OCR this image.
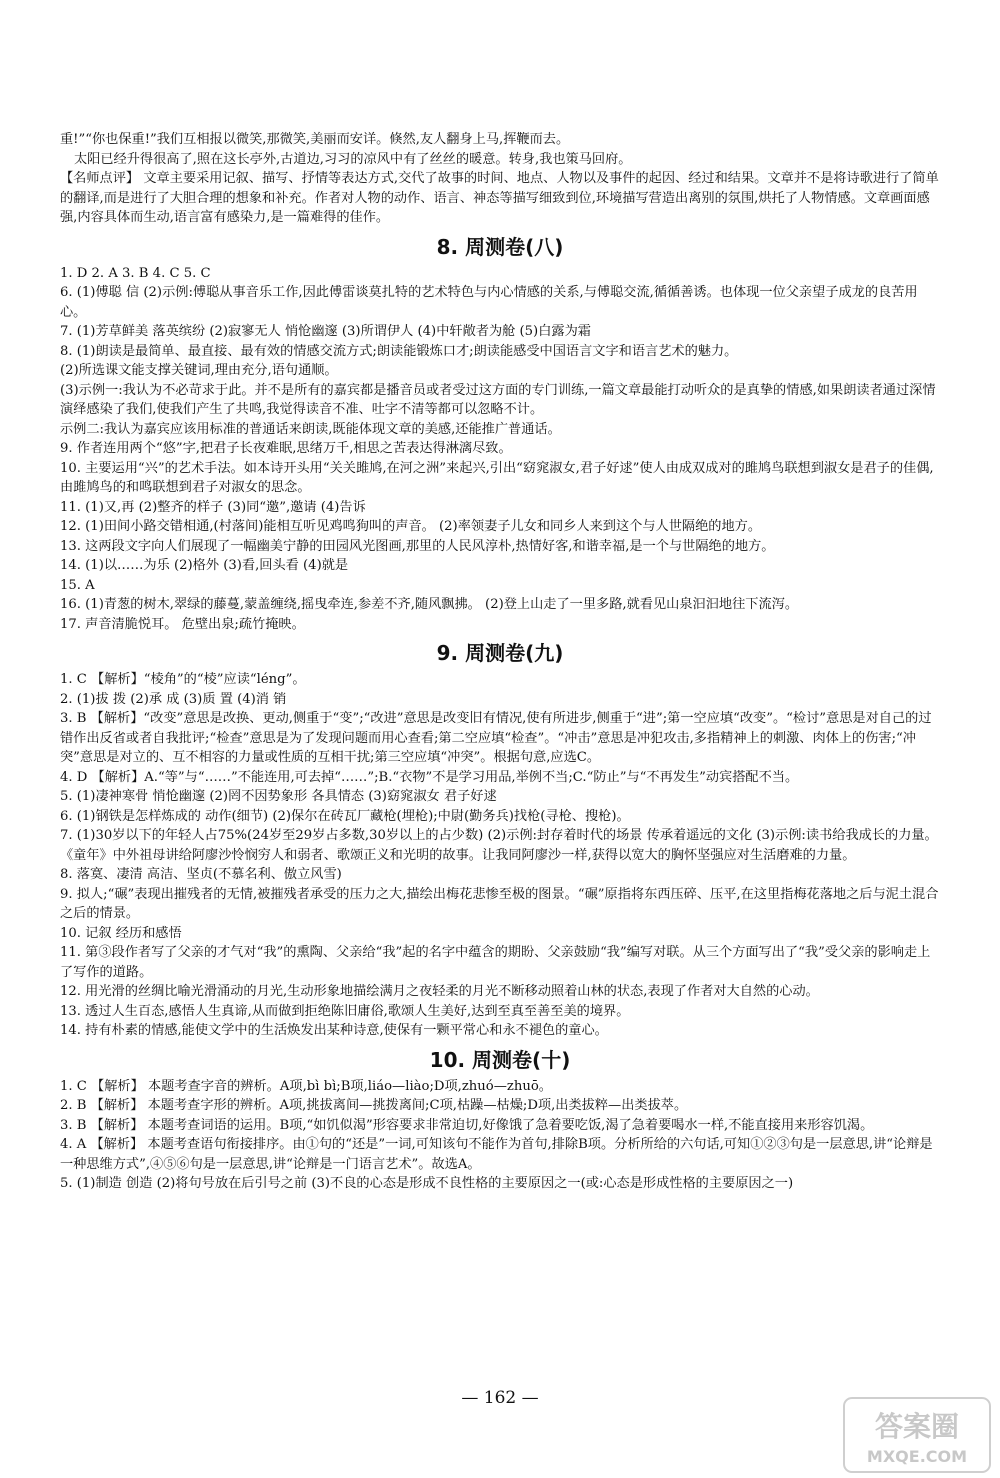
重!”“你也保重!”我们互相报以微笑,那微笑,美丽而安详。倏然,友人翻身上马,挥鞭而去。

太阳已经升得很高了,照在这长亭外,古道边,习习的凉风中有了丝丝的暖意。转身,我也策马回府。

【名师点评】 文章主要采用记叙、描写、抒情等表达方式,交代了故事的时间、地点、人物以及事件的起因、经过和结果。文章并不是将诗歌进行了简单的翻译,而是进行了大胆合理的想象和补充。作者对人物的动作、语言、神态等描写细致到位,环境描写营造出离别的氛围,烘托了人物情感。文章画面感强,内容具体而生动,语言富有感染力,是一篇难得的佳作。

8. 周测卷(八)

1. D 2. A 3. B 4. C 5. C

6. (1)傅聪 信 (2)示例:傅聪从事音乐工作,因此傅雷谈莫扎特的艺术特色与内心情感的关系,与傅聪交流,循循善诱。也体现一位父亲望子成龙的良苦用心。

7. (1)芳草鲜美 落英缤纷 (2)寂寥无人 悄怆幽邃 (3)所谓伊人 (4)中轩敞者为舱 (5)白露为霜

8. (1)朗读是最简单、最直接、最有效的情感交流方式;朗读能锻炼口才;朗读能感受中国语言文字和语言艺术的魅力。

(2)所选课文能支撑关键词,理由充分,语句通顺。

(3)示例一:我认为不必苛求于此。并不是所有的嘉宾都是播音员或者受过这方面的专门训练,一篇文章最能打动听众的是真挚的情感,如果朗读者通过深情演绎感染了我们,使我们产生了共鸣,我觉得读音不准、吐字不清等都可以忽略不计。

示例二:我认为嘉宾应该用标准的普通话来朗读,既能体现文章的美感,还能推广普通话。

9. 作者连用两个“悠”字,把君子长夜难眠,思绪万千,相思之苦表达得淋漓尽致。

10. 主要运用“兴”的艺术手法。如本诗开头用“关关雎鸠,在河之洲”来起兴,引出“窈窕淑女,君子好逑”使人由成双成对的雎鸠鸟联想到淑女是君子的佳偶,由雎鸠鸟的和鸣联想到君子对淑女的思念。

11. (1)又,再 (2)整齐的样子 (3)同“邀”,邀请 (4)告诉

12. (1)田间小路交错相通,(村落间)能相互听见鸡鸣狗叫的声音。 (2)率领妻子儿女和同乡人来到这个与人世隔绝的地方。

13. 这两段文字向人们展现了一幅幽美宁静的田园风光图画,那里的人民风淳朴,热情好客,和谐幸福,是一个与世隔绝的地方。

14. (1)以……为乐 (2)格外 (3)看,回头看 (4)就是

15. A

16. (1)青葱的树木,翠绿的藤蔓,蒙盖缠绕,摇曳牵连,参差不齐,随风飘拂。 (2)登上山走了一里多路,就看见山泉汩汩地往下流泻。

17. 声音清脆悦耳。 危壁出泉;疏竹掩映。

9. 周测卷(九)

1. C 【解析】“棱角”的“棱”应读“léng”。

2. (1)拔 拨 (2)承 成 (3)质 置 (4)消 销

3. B 【解析】“改变”意思是改换、更动,侧重于“变”;“改进”意思是改变旧有情况,使有所进步,侧重于“进”;第一空应填“改变”。“检讨”意思是对自己的过错作出反省或者自我批评;“检查”意思是为了发现问题而用心查看;第二空应填“检查”。“冲击”意思是冲犯攻击,多指精神上的刺激、肉体上的伤害;“冲突”意思是对立的、互不相容的力量或性质的互相干扰;第三空应填“冲突”。根据句意,应选C。

4. D 【解析】A.“等”与“……”不能连用,可去掉“……”;B.“衣物”不是学习用品,举例不当;C.“防止”与“不再发生”动宾搭配不当。

5. (1)凄神寒骨 悄怆幽邃 (2)罔不因势象形 各具情态 (3)窈窕淑女 君子好逑

6. (1)钢铁是怎样炼成的 动作(细节) (2)保尔在砖瓦厂藏枪(埋枪);中尉(勤务兵)找枪(寻枪、搜枪)。

7. (1)30岁以下的年轻人占75%(24岁至29岁占多数,30岁以上的占少数) (2)示例:封存着时代的场景 传承着遥远的文化 (3)示例:读书给我成长的力量。《童年》中外祖母讲给阿廖沙怜悯穷人和弱者、歌颂正义和光明的故事。让我同阿廖沙一样,获得以宽大的胸怀坚强应对生活磨难的力量。

8. 落寞、凄清 高洁、坚贞(不慕名利、傲立风雪)

9. 拟人;“碾”表现出摧残者的无情,被摧残者承受的压力之大,描绘出梅花悲惨至极的图景。“碾”原指将东西压碎、压平,在这里指梅花落地之后与泥土混合之后的情景。

10. 记叙 经历和感悟

11. 第③段作者写了父亲的才气对“我”的熏陶、父亲给“我”起的名字中蕴含的期盼、父亲鼓励“我”编写对联。从三个方面写出了“我”受父亲的影响走上了写作的道路。

12. 用光滑的丝绸比喻光滑涌动的月光,生动形象地描绘满月之夜轻柔的月光不断移动照着山林的状态,表现了作者对大自然的心动。

13. 透过人生百态,感悟人生真谛,从而做到拒绝陈旧庸俗,歌颂人生美好,达到至真至善至美的境界。

14. 持有朴素的情感,能使文学中的生活焕发出某种诗意,使保有一颗平常心和永不褪色的童心。

10. 周测卷(十)

1. C 【解析】 本题考查字音的辨析。A项,bì bì;B项,liáo—liào;D项,zhuó—zhuō。

2. B 【解析】 本题考查字形的辨析。A项,挑拔离间—挑拨离间;C项,枯躁—枯燥;D项,出类拔粹—出类拔萃。

3. B 【解析】 本题考查词语的运用。B项,“如饥似渴”形容要求非常迫切,好像饿了急着要吃饭,渴了急着要喝水一样,不能直接用来形容饥渴。

4. A 【解析】 本题考查语句衔接排序。由①句的“还是”一词,可知该句不能作为首句,排除B项。分析所给的六句话,可知①②③句是一层意思,讲“论辩是一种思维方式”,④⑤⑥句是一层意思,讲“论辩是一门语言艺术”。故选A。

5. (1)制造 创造 (2)将句号放在后引号之前 (3)不良的心态是形成不良性格的主要原因之一(或:心态是形成性格的主要原因之一)

— 162 —
答案圈
MXQE.COM
